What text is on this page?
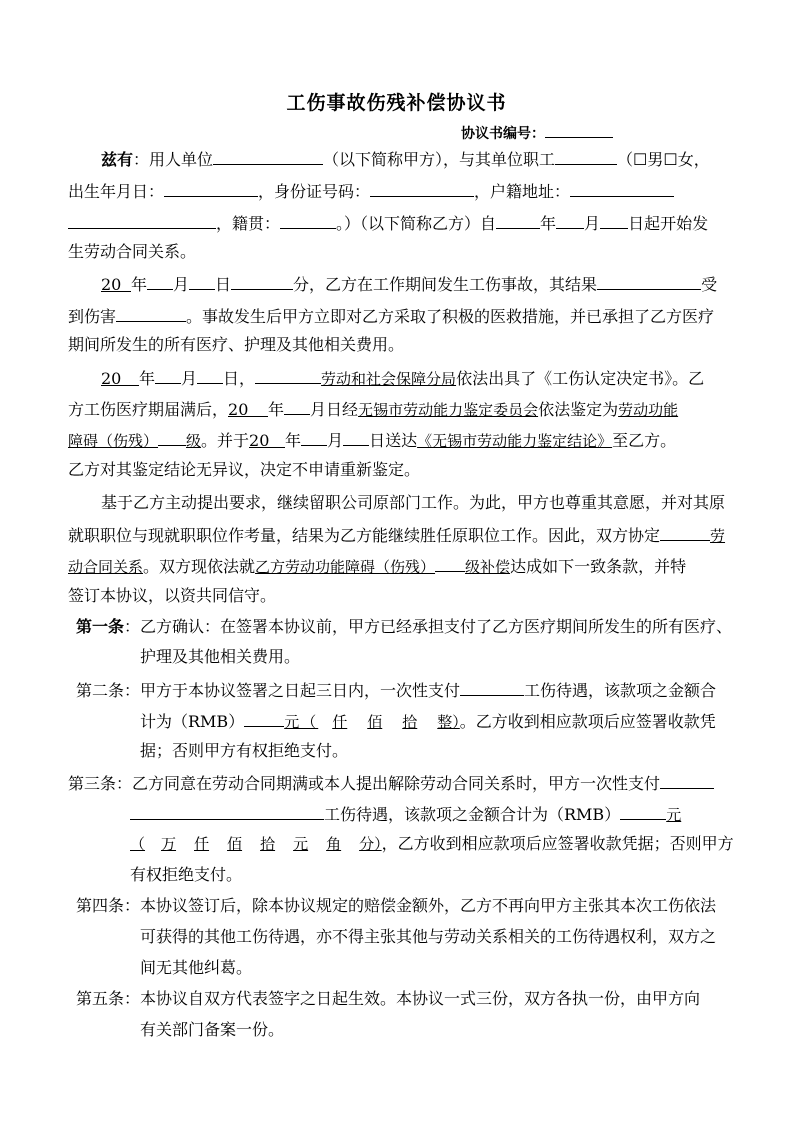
工伤事故伤残补偿协议书
协议书编号：
兹有：用人单位	（以下简称甲方），与其单位职工	（☐男☐女，
出生年月日：	，身份证号码：	，户籍地址：
，籍贯：	。）（以下简称乙方）自	年 月 日起开始发
生劳动合同关系。
20 年 月 日	分，乙方在工作期间发生工伤事故，其结果	受
到伤害	。事故发生后甲方立即对乙方采取了积极的医救措施，并已承担了乙方医疗
期间所发生的所有医疗、护理及其他相关费用。
20 年 月 日，	劳动和社会保障分局依法出具了《工伤认定决定书》。乙
方工伤医疗期届满后，20 年 月日经无锡市劳动能力鉴定委员会依法鉴定为劳动功能
障碍（伤残） 级。并于20 年 月 日送达《无锡市劳动能力鉴定结论》至乙方。
乙方对其鉴定结论无异议，决定不申请重新鉴定。
基于乙方主动提出要求，继续留职公司原部门工作。为此，甲方也尊重其意愿，并对其原
就职职位与现就职职位作考量，结果为乙方能继续胜任原职位工作。因此，双方协定	劳
动合同关系。双方现依法就乙方劳动功能障碍（伤残） 级补偿达成如下一致条款，并特
签订本协议，以资共同信守。
第一条：乙方确认：在签署本协议前，甲方已经承担支付了乙方医疗期间所发生的所有医疗、
护理及其他相关费用。
第二条：甲方于本协议签署之日起三日内，一次性支付	工伤待遇，该款项之金额合
计为（RMB）	元（ 仟 佰 拾 整）。乙方收到相应款项后应签署收款凭
据；否则甲方有权拒绝支付。
第三条：乙方同意在劳动合同期满或本人提出解除劳动合同关系时，甲方一次性支付
工伤待遇，该款项之金额合计为（RMB）	元
（ 万 仟 佰 拾 元 角 分），乙方收到相应款项后应签署收款凭据；否则甲方
有权拒绝支付。
第四条：本协议签订后，除本协议规定的赔偿金额外，乙方不再向甲方主张其本次工伤依法
可获得的其他工伤待遇，亦不得主张其他与劳动关系相关的工伤待遇权利，双方之
间无其他纠葛。
第五条：本协议自双方代表签字之日起生效。本协议一式三份，双方各执一份，由甲方向
有关部门备案一份。
